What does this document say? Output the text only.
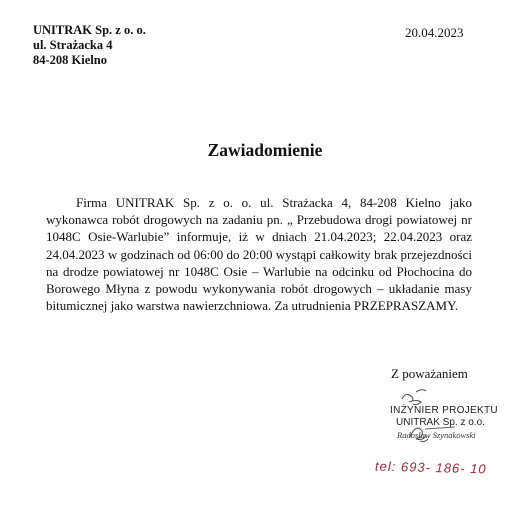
UNITRAK Sp. z o. o.
ul. Strażacka 4
84-208 Kielno
20.04.2023
Zawiadomienie
Firma UNITRAK Sp. z o. o. ul. Strażacka 4, 84-208 Kielno jako wykonawca robót drogowych na zadaniu pn. „ Przebudowa drogi powiatowej nr 1048C Osie-Warlubie” informuje, iż w dniach 21.04.2023; 22.04.2023 oraz 24.04.2023 w godzinach od 06:00 do 20:00 wystąpi całkowity brak przejezdności na drodze powiatowej nr 1048C Osie – Warlubie na odcinku od Płochocina do Borowego Młyna z powodu wykonywania robót drogowych – układanie masy bitumicznej jako warstwa nawierzchniowa. Za utrudnienia PRZEPRASZAMY.
Z poważaniem
INŻYNIER PROJEKTU
UNITRAK Sp. z o.o.
Radosław Szynakowski
tel: 693- 186- 10
